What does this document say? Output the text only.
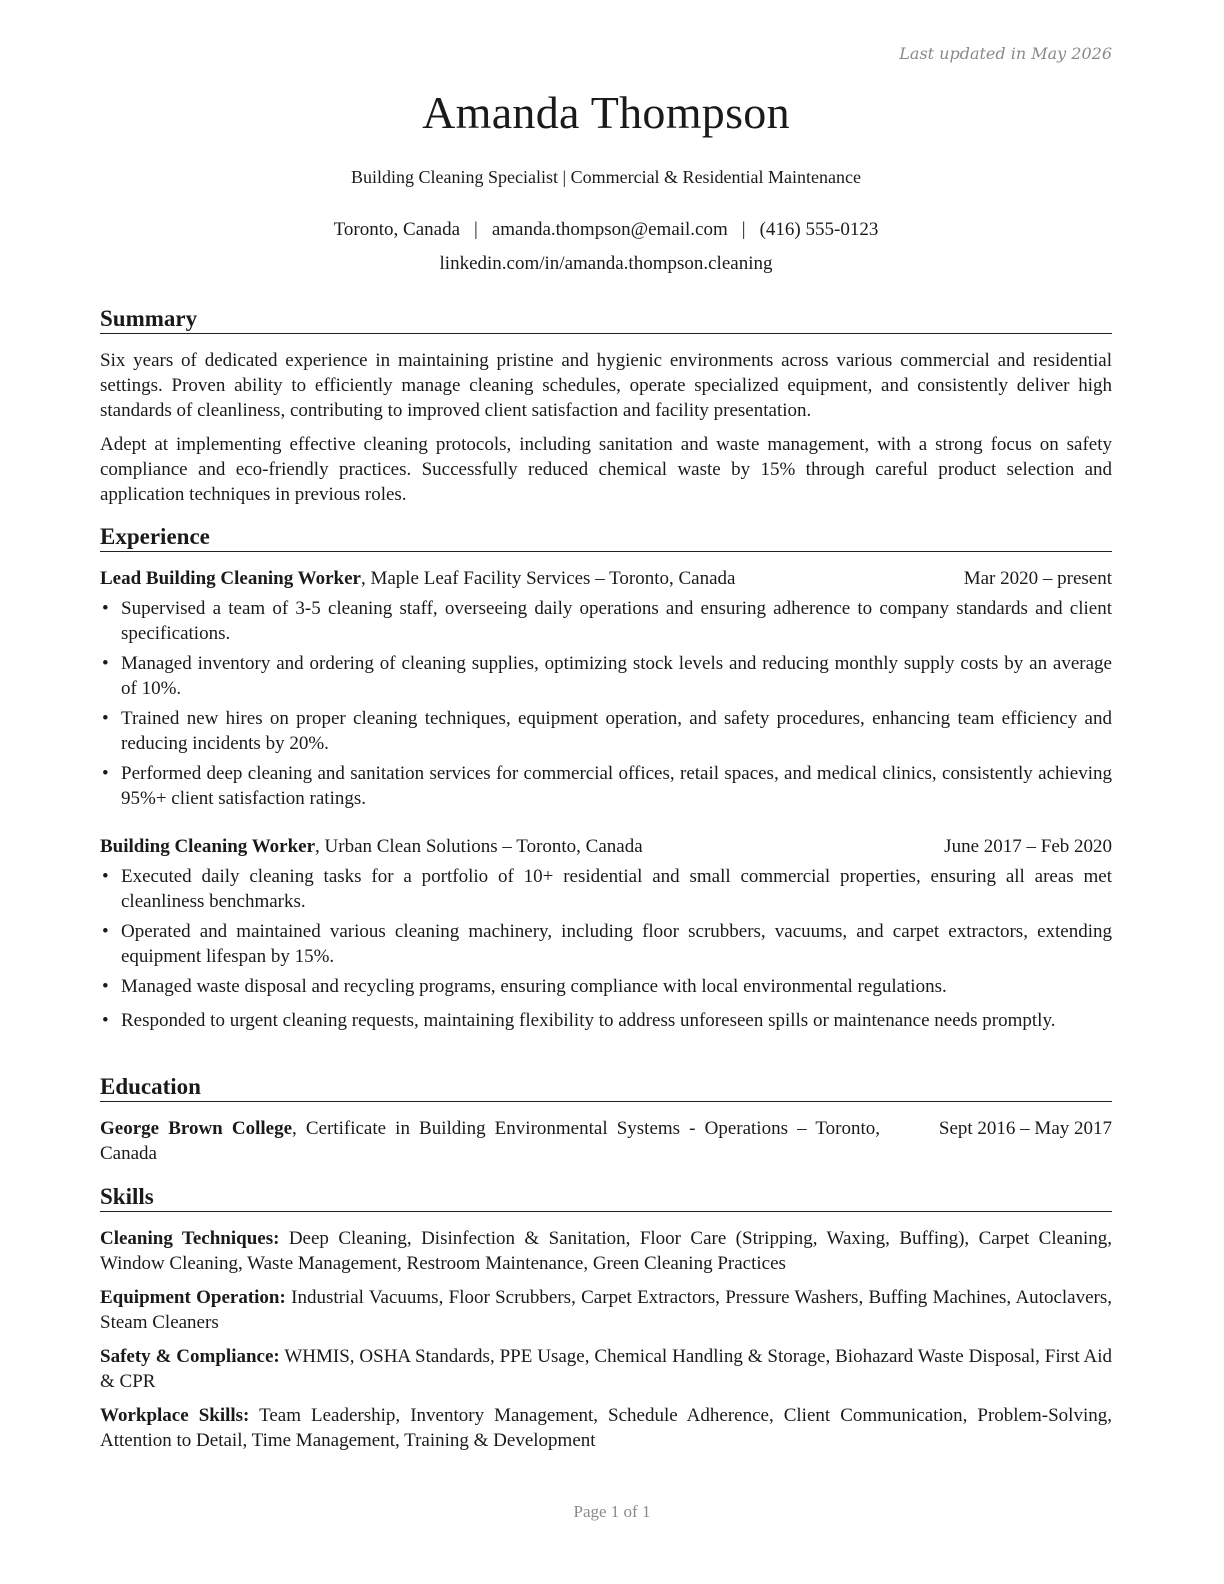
Last updated in May 2026
Amanda Thompson
Building Cleaning Specialist | Commercial & Residential Maintenance
Toronto, Canada | amanda.thompson@email.com | (416) 555-0123
linkedin.com/in/amanda.thompson.cleaning
Summary

Six years of dedicated experience in maintaining pristine and hygienic environments across various commercial and residential settings. Proven ability to efficiently manage cleaning schedules, operate specialized equipment, and consistently deliver high standards of cleanliness, contributing to improved client satisfaction and facility presentation.

Adept at implementing effective cleaning protocols, including sanitation and waste management, with a strong focus on safety compliance and eco-friendly practices. Successfully reduced chemical waste by 15% through careful product selection and application techniques in previous roles.

Experience
Lead Building Cleaning Worker, Maple Leaf Facility Services – Toronto, Canada	Mar 2020 – present
• Supervised a team of 3-5 cleaning staff, overseeing daily operations and ensuring adherence to company standards and client specifications.
• Managed inventory and ordering of cleaning supplies, optimizing stock levels and reducing monthly supply costs by an average of 10%.
• Trained new hires on proper cleaning techniques, equipment operation, and safety procedures, enhancing team efficiency and reducing incidents by 20%.
• Performed deep cleaning and sanitation services for commercial offices, retail spaces, and medical clinics, consistently achieving 95%+ client satisfaction ratings.
Building Cleaning Worker, Urban Clean Solutions – Toronto, Canada	June 2017 – Feb 2020
• Executed daily cleaning tasks for a portfolio of 10+ residential and small commercial properties, ensuring all areas met cleanliness benchmarks.
• Operated and maintained various cleaning machinery, including floor scrubbers, vacuums, and carpet extractors, extending equipment lifespan by 15%.
• Managed waste disposal and recycling programs, ensuring compliance with local environmental regulations.
• Responded to urgent cleaning requests, maintaining flexibility to address unforeseen spills or maintenance needs promptly.
Education
George Brown College, Certificate in Building Environmental Systems - Operations – Toronto, Canada
Sept 2016 – May 2017
Skills
Cleaning Techniques: Deep Cleaning, Disinfection & Sanitation, Floor Care (Stripping, Waxing, Buffing), Carpet Cleaning, Window Cleaning, Waste Management, Restroom Maintenance, Green Cleaning Practices
Equipment Operation: Industrial Vacuums, Floor Scrubbers, Carpet Extractors, Pressure Washers, Buffing Machines, Autoclavers, Steam Cleaners
Safety & Compliance: WHMIS, OSHA Standards, PPE Usage, Chemical Handling & Storage, Biohazard Waste Disposal, First Aid & CPR
Workplace Skills: Team Leadership, Inventory Management, Schedule Adherence, Client Communication, Problem-Solving, Attention to Detail, Time Management, Training & Development
Page 1 of 1
